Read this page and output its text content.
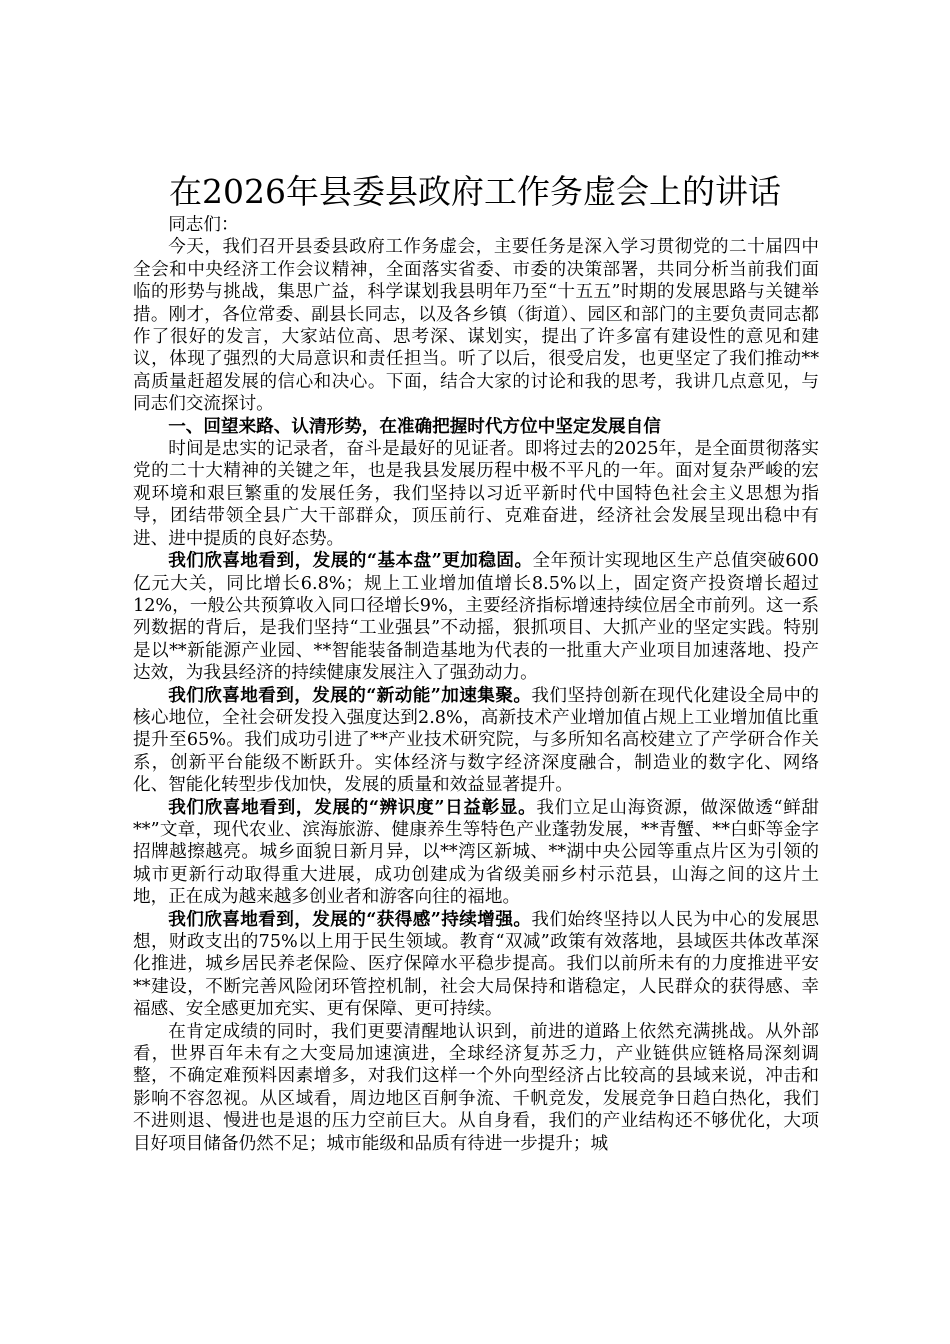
在2026年县委县政府工作务虚会上的讲话

同志们：

今天，我们召开县委县政府工作务虚会，主要任务是深入学习贯彻党的二十届四中全会和中央经济工作会议精神，全面落实省委、市委的决策部署，共同分析当前我们面临的形势与挑战，集思广益，科学谋划我县明年乃至“十五五”时期的发展思路与关键举措。刚才，各位常委、副县长同志，以及各乡镇（街道）、园区和部门的主要负责同志都作了很好的发言，大家站位高、思考深、谋划实，提出了许多富有建设性的意见和建议，体现了强烈的大局意识和责任担当。听了以后，很受启发，也更坚定了我们推动**高质量赶超发展的信心和决心。下面，结合大家的讨论和我的思考，我讲几点意见，与同志们交流探讨。

一、回望来路、认清形势，在准确把握时代方位中坚定发展自信

时间是忠实的记录者，奋斗是最好的见证者。即将过去的2025年，是全面贯彻落实党的二十大精神的关键之年，也是我县发展历程中极不平凡的一年。面对复杂严峻的宏观环境和艰巨繁重的发展任务，我们坚持以习近平新时代中国特色社会主义思想为指导，团结带领全县广大干部群众，顶压前行、克难奋进，经济社会发展呈现出稳中有进、进中提质的良好态势。

我们欣喜地看到，发展的“基本盘”更加稳固。全年预计实现地区生产总值突破600亿元大关，同比增长6.8%；规上工业增加值增长8.5%以上，固定资产投资增长超过12%，一般公共预算收入同口径增长9%，主要经济指标增速持续位居全市前列。这一系列数据的背后，是我们坚持“工业强县”不动摇，狠抓项目、大抓产业的坚定实践。特别是以**新能源产业园、**智能装备制造基地为代表的一批重大产业项目加速落地、投产达效，为我县经济的持续健康发展注入了强劲动力。

我们欣喜地看到，发展的“新动能”加速集聚。我们坚持创新在现代化建设全局中的核心地位，全社会研发投入强度达到2.8%，高新技术产业增加值占规上工业增加值比重提升至65%。我们成功引进了**产业技术研究院，与多所知名高校建立了产学研合作关系，创新平台能级不断跃升。实体经济与数字经济深度融合，制造业的数字化、网络化、智能化转型步伐加快，发展的质量和效益显著提升。

我们欣喜地看到，发展的“辨识度”日益彰显。我们立足山海资源，做深做透“鲜甜**”文章，现代农业、滨海旅游、健康养生等特色产业蓬勃发展，**青蟹、**白虾等金字招牌越擦越亮。城乡面貌日新月异，以**湾区新城、**湖中央公园等重点片区为引领的城市更新行动取得重大进展，成功创建成为省级美丽乡村示范县，山海之间的这片土地，正在成为越来越多创业者和游客向往的福地。

我们欣喜地看到，发展的“获得感”持续增强。我们始终坚持以人民为中心的发展思想，财政支出的75%以上用于民生领域。教育“双减”政策有效落地，县域医共体改革深化推进，城乡居民养老保险、医疗保障水平稳步提高。我们以前所未有的力度推进平安**建设，不断完善风险闭环管控机制，社会大局保持和谐稳定，人民群众的获得感、幸福感、安全感更加充实、更有保障、更可持续。

在肯定成绩的同时，我们更要清醒地认识到，前进的道路上依然充满挑战。从外部看，世界百年未有之大变局加速演进，全球经济复苏乏力，产业链供应链格局深刻调整，不确定难预料因素增多，对我们这样一个外向型经济占比较高的县域来说，冲击和影响不容忽视。从区域看，周边地区百舸争流、千帆竞发，发展竞争日趋白热化，我们不进则退、慢进也是退的压力空前巨大。从自身看，我们的产业结构还不够优化，大项目好项目储备仍然不足；城市能级和品质有待进一步提升；城
